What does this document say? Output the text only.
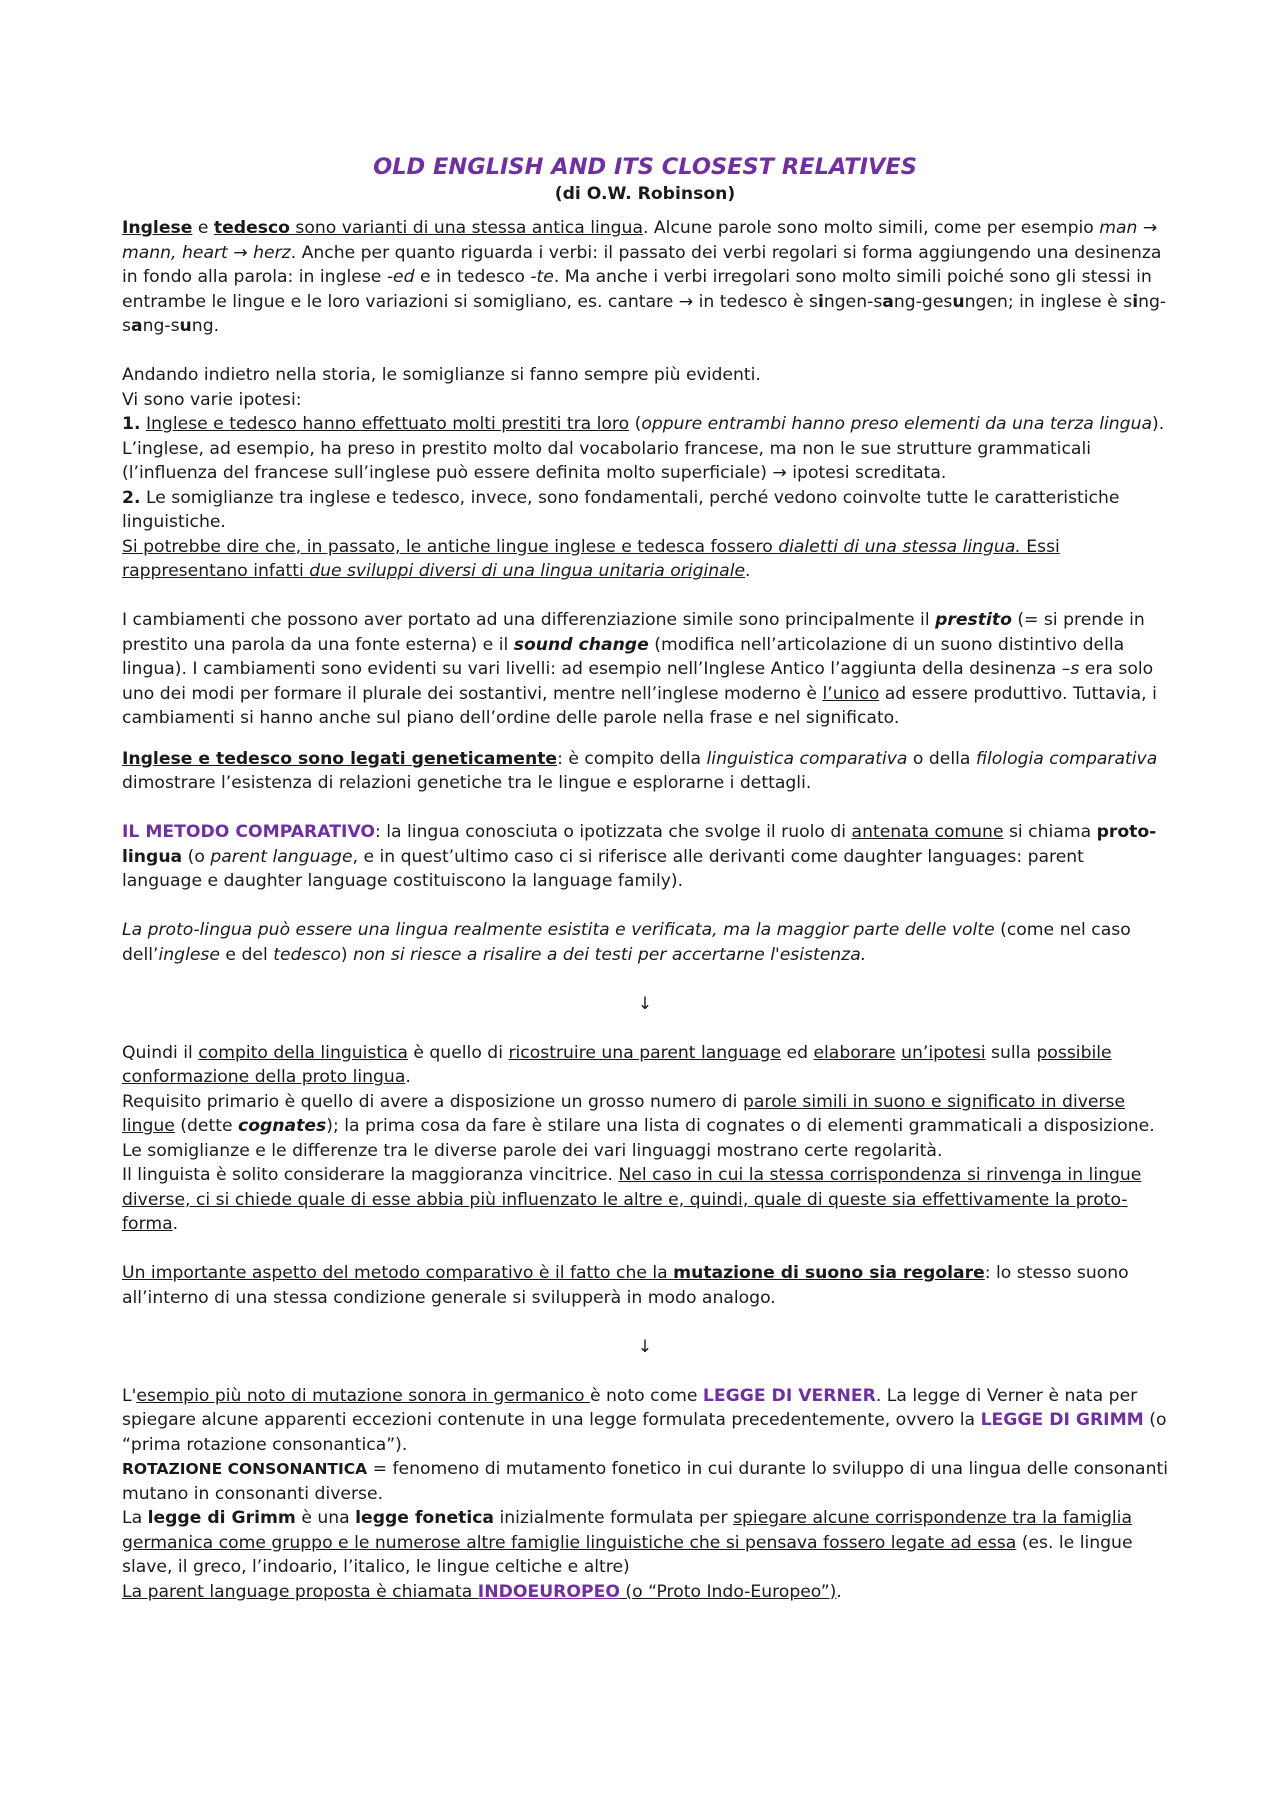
OLD ENGLISH AND ITS CLOSEST RELATIVES

(di O.W. Robinson)

Inglese e tedesco sono varianti di una stessa antica lingua. Alcune parole sono molto simili, come per esempio man → mann, heart → herz. Anche per quanto riguarda i verbi: il passato dei verbi regolari si forma aggiungendo una desinenza in fondo alla parola: in inglese -ed e in tedesco -te. Ma anche i verbi irregolari sono molto simili poiché sono gli stessi in entrambe le lingue e le loro variazioni si somigliano, es. cantare → in tedesco è singen-sang-gesungen; in inglese è sing-sang-sung.

Andando indietro nella storia, le somiglianze si fanno sempre più evidenti.

Vi sono varie ipotesi:

1. Inglese e tedesco hanno effettuato molti prestiti tra loro (oppure entrambi hanno preso elementi da una terza lingua). L’inglese, ad esempio, ha preso in prestito molto dal vocabolario francese, ma non le sue strutture grammaticali (l’influenza del francese sull’inglese può essere definita molto superficiale) → ipotesi screditata.

2. Le somiglianze tra inglese e tedesco, invece, sono fondamentali, perché vedono coinvolte tutte le caratteristiche linguistiche.
Si potrebbe dire che, in passato, le antiche lingue inglese e tedesca fossero dialetti di una stessa lingua. Essi rappresentano infatti due sviluppi diversi di una lingua unitaria originale.

I cambiamenti che possono aver portato ad una differenziazione simile sono principalmente il prestito (= si prende in prestito una parola da una fonte esterna) e il sound change (modifica nell’articolazione di un suono distintivo della lingua). I cambiamenti sono evidenti su vari livelli: ad esempio nell’Inglese Antico l’aggiunta della desinenza –s era solo uno dei modi per formare il plurale dei sostantivi, mentre nell’inglese moderno è l’unico ad essere produttivo. Tuttavia, i cambiamenti si hanno anche sul piano dell’ordine delle parole nella frase e nel significato.

Inglese e tedesco sono legati geneticamente: è compito della linguistica comparativa o della filologia comparativa dimostrare l’esistenza di relazioni genetiche tra le lingue e esplorarne i dettagli.

IL METODO COMPARATIVO: la lingua conosciuta o ipotizzata che svolge il ruolo di antenata comune si chiama proto-lingua (o parent language, e in quest’ultimo caso ci si riferisce alle derivanti come daughter languages: parent language e daughter language costituiscono la language family).

La proto-lingua può essere una lingua realmente esistita e verificata, ma la maggior parte delle volte (come nel caso dell’inglese e del tedesco) non si riesce a risalire a dei testi per accertarne l'esistenza.

↓

Quindi il compito della linguistica è quello di ricostruire una parent language ed elaborare un’ipotesi sulla possibile conformazione della proto lingua.
Requisito primario è quello di avere a disposizione un grosso numero di parole simili in suono e significato in diverse lingue (dette cognates); la prima cosa da fare è stilare una lista di cognates o di elementi grammaticali a disposizione.
Le somiglianze e le differenze tra le diverse parole dei vari linguaggi mostrano certe regolarità.
Il linguista è solito considerare la maggioranza vincitrice. Nel caso in cui la stessa corrispondenza si rinvenga in lingue diverse, ci si chiede quale di esse abbia più influenzato le altre e, quindi, quale di queste sia effettivamente la proto-forma.

Un importante aspetto del metodo comparativo è il fatto che la mutazione di suono sia regolare: lo stesso suono all’interno di una stessa condizione generale si svilupperà in modo analogo.

↓

L'esempio più noto di mutazione sonora in germanico è noto come LEGGE DI VERNER. La legge di Verner è nata per spiegare alcune apparenti eccezioni contenute in una legge formulata precedentemente, ovvero la LEGGE DI GRIMM (o “prima rotazione consonantica”).
ROTAZIONE CONSONANTICA = fenomeno di mutamento fonetico in cui durante lo sviluppo di una lingua delle consonanti mutano in consonanti diverse.
La legge di Grimm è una legge fonetica inizialmente formulata per spiegare alcune corrispondenze tra la famiglia germanica come gruppo e le numerose altre famiglie linguistiche che si pensava fossero legate ad essa (es. le lingue slave, il greco, l’indoario, l’italico, le lingue celtiche e altre)
La parent language proposta è chiamata INDOEUROPEO (o “Proto Indo-Europeo”).
